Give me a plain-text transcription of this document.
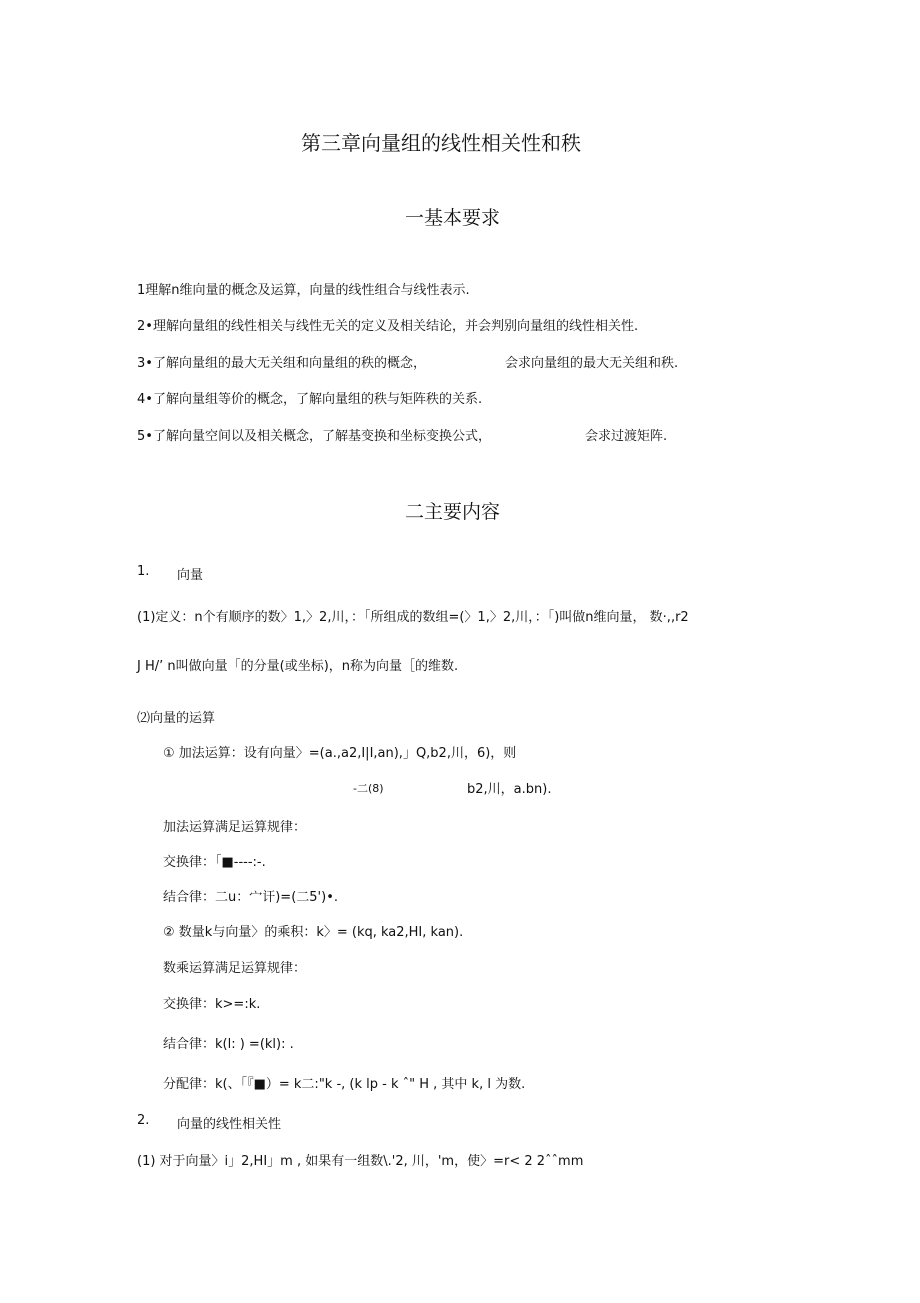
第三章向量组的线性相关性和秩
一基本要求
1理解n维向量的概念及运算，向量的线性组合与线性表示.
2•理解向量组的线性相关与线性无关的定义及相关结论，并会判别向量组的线性相关性.
3•了解向量组的最大无关组和向量组的秩的概念，	会求向量组的最大无关组和秩.
4•了解向量组等价的概念，了解向量组的秩与矩阵秩的关系.
5•了解向量空间以及相关概念，了解基变换和坐标变换公式，	会求过渡矩阵.
二主要内容
1. 向量
(1)定义：n个有顺序的数〉1,〉2,川，：「所组成的数组=(〉1,〉2,川，：「)叫做n维向量， 数·,,r2
J H/’ n叫做向量「的分量(或坐标)，n称为向量［的维数.
⑵向量的运算
① 加法运算：设有向量〉=(a.,a2,I|I,an),」Q,b2,川，6)，则
-二(8)	b2,川，a.bn).
加法运算满足运算规律：
交换律：「■----:-.
结合律：二u：宀讦)=(二5')•.
② 数量k与向量〉的乘积：k〉= (kq, ka2,HI, kan).
数乘运算满足运算规律：
交换律：k>=:k.
结合律：k(l: ) =(kl): .
分配律：k(、「『■）= k二:"k -, (k lp - k ˆ" H , 其中 k, l 为数.
2. 向量的线性相关性
(1) 对于向量〉i」2,HI」m , 如果有一组数\.'2, 川，'m，使〉=r< 2 2ˆˆmm
